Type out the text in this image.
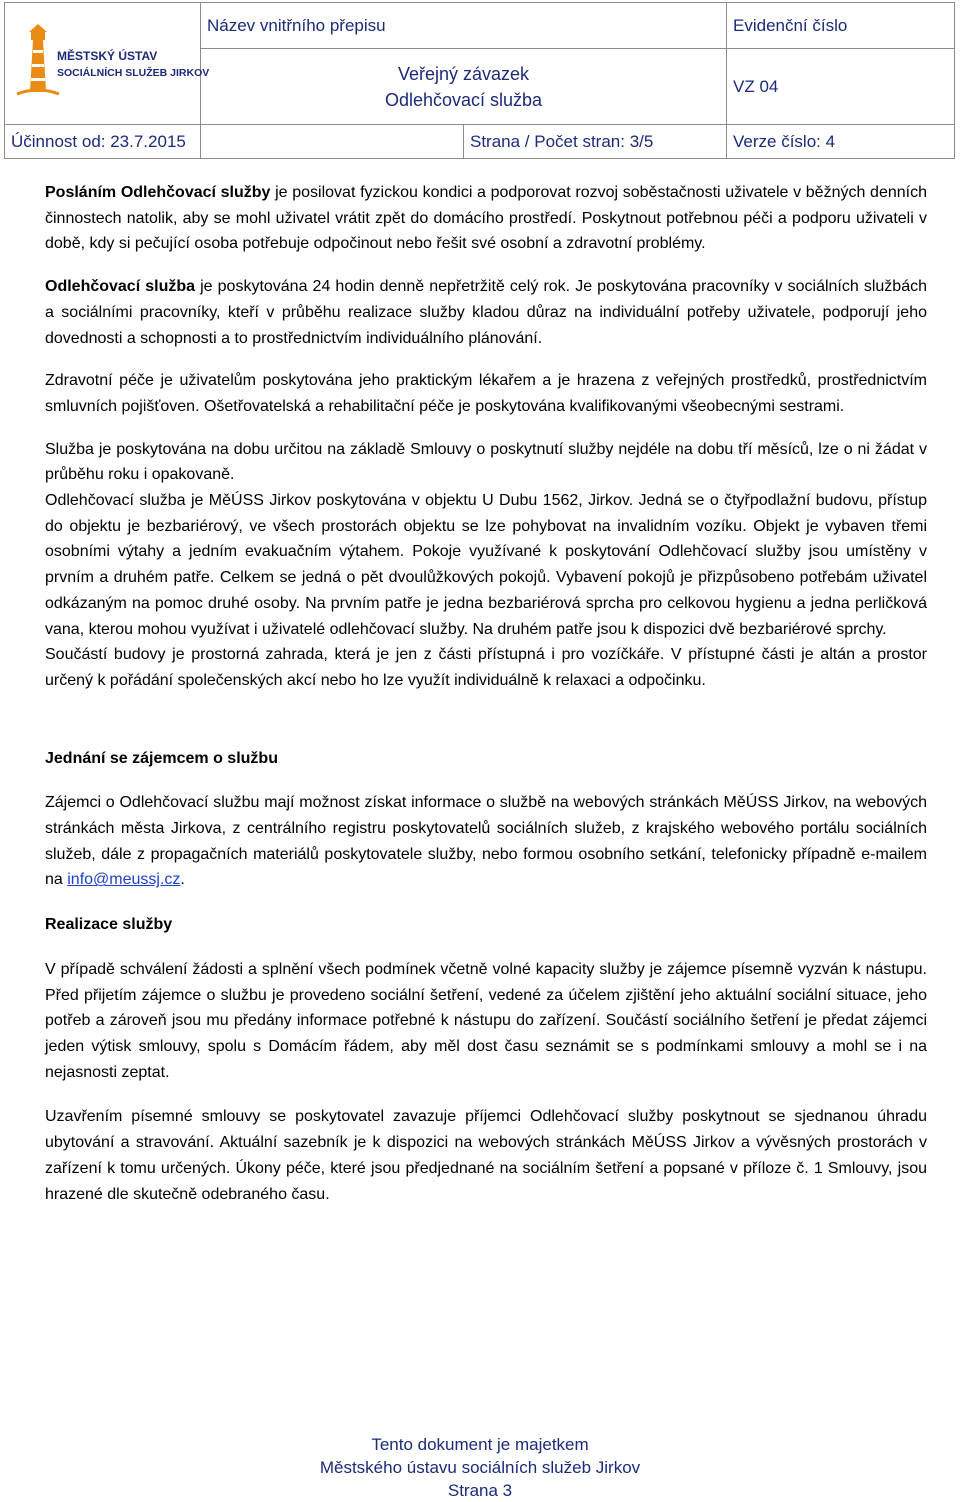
MĚSTSKÝ ÚSTAV
SOCIÁLNÍCH SLUŽEB JIRKOV	Název vnitřního přepisu		Evidenční číslo

	Veřejný závazek
Odlehčovací služba		VZ 04
Účinnost od: 23.7.2015		Strana / Počet stran: 3/5	Verze číslo: 4

Posláním Odlehčovací služby je posilovat fyzickou kondici a podporovat rozvoj soběstačnosti uživatele v běžných denních činnostech natolik, aby se mohl uživatel vrátit zpět do domácího prostředí. Poskytnout potřebnou péči a podporu uživateli v době, kdy si pečující osoba potřebuje odpočinout nebo řešit své osobní a zdravotní problémy.

Odlehčovací služba je poskytována 24 hodin denně nepřetržitě celý rok. Je poskytována pracovníky v sociálních službách a sociálními pracovníky, kteří v průběhu realizace služby kladou důraz na individuální potřeby uživatele, podporují jeho dovednosti a schopnosti a to prostřednictvím individuálního plánování.

Zdravotní péče je uživatelům poskytována jeho praktickým lékařem a je hrazena z veřejných prostředků, prostřednictvím smluvních pojišťoven. Ošetřovatelská a rehabilitační péče je poskytována kvalifikovanými všeobecnými sestrami.

Služba je poskytována na dobu určitou na základě Smlouvy o poskytnutí služby nejdéle na dobu tří měsíců, lze o ni žádat v průběhu roku i opakovaně.

Odlehčovací služba je MěÚSS Jirkov poskytována v objektu U Dubu 1562, Jirkov. Jedná se o čtyřpodlažní budovu, přístup do objektu je bezbariérový, ve všech prostorách objektu se lze pohybovat na invalidním vozíku. Objekt je vybaven třemi osobními výtahy a jedním evakuačním výtahem. Pokoje využívané k poskytování Odlehčovací služby jsou umístěny v prvním a druhém patře. Celkem se jedná o pět dvoulůžkových pokojů. Vybavení pokojů je přizpůsobeno potřebám uživatel odkázaným na pomoc druhé osoby. Na prvním patře je jedna bezbariérová sprcha pro celkovou hygienu a jedna perličková vana, kterou mohou využívat i uživatelé odlehčovací služby. Na druhém patře jsou k dispozici dvě bezbariérové sprchy.

Součástí budovy je prostorná zahrada, která je jen z části přístupná i pro vozíčkáře. V přístupné části je altán a prostor určený k pořádání společenských akcí nebo ho lze využít individuálně k relaxaci a odpočinku.

Jednání se zájemcem o službu

Zájemci o Odlehčovací službu mají možnost získat informace o službě na webových stránkách MěÚSS Jirkov, na webových stránkách města Jirkova, z centrálního registru poskytovatelů sociálních služeb, z krajského webového portálu sociálních služeb, dále z propagačních materiálů poskytovatele služby, nebo formou osobního setkání, telefonicky případně e-mailem na info@meussj.cz.

Realizace služby

V případě schválení žádosti a splnění všech podmínek včetně volné kapacity služby je zájemce písemně vyzván k nástupu. Před přijetím zájemce o službu je provedeno sociální šetření, vedené za účelem zjištění jeho aktuální sociální situace, jeho potřeb a zároveň jsou mu předány informace potřebné k nástupu do zařízení. Součástí sociálního šetření je předat zájemci jeden výtisk smlouvy, spolu s Domácím řádem, aby měl dost času seznámit se s podmínkami smlouvy a mohl se i na nejasnosti zeptat.

Uzavřením písemné smlouvy se poskytovatel zavazuje příjemci Odlehčovací služby poskytnout se sjednanou úhradu ubytování a stravování. Aktuální sazebník je k dispozici na webových stránkách MěÚSS Jirkov a vývěsných prostorách v zařízení k tomu určených. Úkony péče, které jsou předjednané na sociálním šetření a popsané v příloze č. 1 Smlouvy, jsou hrazené dle skutečně odebraného času.

Tento dokument je majetkem
Městského ústavu sociálních služeb Jirkov
Strana 3
